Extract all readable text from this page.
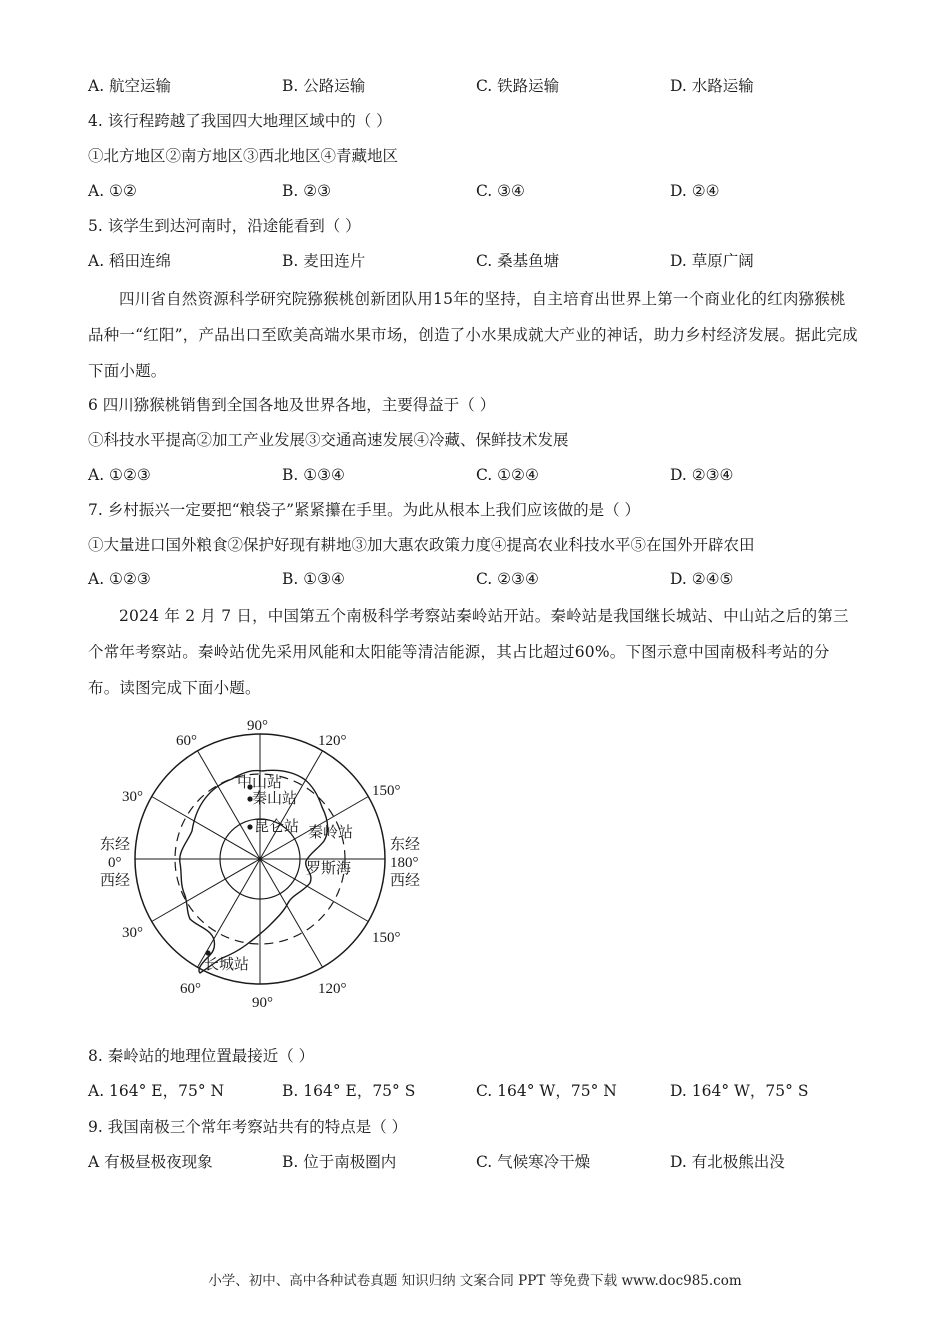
A. 航空运输	B. 公路运输	C. 铁路运输	D. 水路运输
4. 该行程跨越了我国四大地理区域中的（ ）
①北方地区②南方地区③西北地区④青藏地区
A. ①②	B. ②③	C. ③④	D. ②④
5. 该学生到达河南时，沿途能看到（ ）
A. 稻田连绵	B. 麦田连片	C. 桑基鱼塘	D. 草原广阔
四川省自然资源科学研究院猕猴桃创新团队用15年的坚持，自主培育出世界上第一个商业化的红肉猕猴桃品种一“红阳”，产品出口至欧美高端水果市场，创造了小水果成就大产业的神话，助力乡村经济发展。据此完成下面小题。
6 四川猕猴桃销售到全国各地及世界各地，主要得益于（ ）
①科技水平提高②加工产业发展③交通高速发展④冷藏、保鲜技术发展
A. ①②③	B. ①③④	C. ①②④	D. ②③④
7. 乡村振兴一定要把“粮袋子”紧紧攥在手里。为此从根本上我们应该做的是（ ）
①大量进口国外粮食②保护好现有耕地③加大惠农政策力度④提高农业科技水平⑤在国外开辟农田
A. ①②③	B. ①③④	C. ②③④	D. ②④⑤
2024 年 2 月 7 日，中国第五个南极科学考察站秦岭站开站。秦岭站是我国继长城站、中山站之后的第三个常年考察站。秦岭站优先采用风能和太阳能等清洁能源，其占比超过60%。下图示意中国南极科考站的分布。读图完成下面小题。
中山站
秦山站
昆仑站 秦岭站
罗斯海
长城站
90°
60°	120°
30°	150°
30°	150°
60°
90°
120°
东经
0°
西经
东经
180°
西经
8. 秦岭站的地理位置最接近（ ）
A. 164° E，75° N	B. 164° E，75° S	C. 164° W，75° N	D. 164° W，75° S
9. 我国南极三个常年考察站共有的特点是（ ）
A 有极昼极夜现象	B. 位于南极圈内	C. 气候寒冷干燥	D. 有北极熊出没
小学、初中、高中各种试卷真题 知识归纳 文案合同 PPT 等免费下载 www.doc985.com
